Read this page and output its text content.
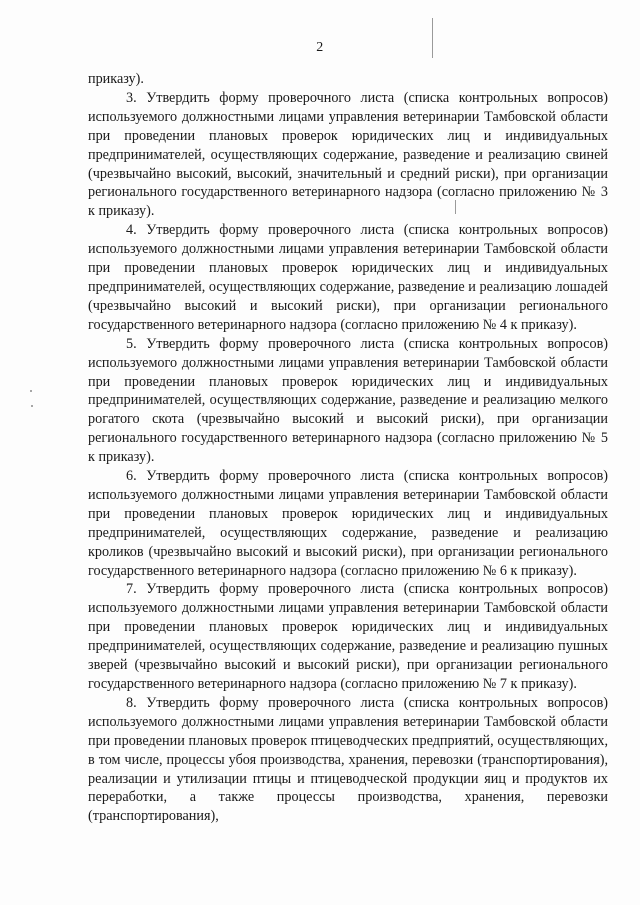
2

приказу).

3. Утвердить форму проверочного листа (списка контрольных вопросов) используемого должностными лицами управления ветеринарии Тамбовской области при проведении плановых проверок юридических лиц и индивидуальных предпринимателей, осуществляющих содержание, разведение и реализацию свиней (чрезвычайно высокий, высокий, значительный и средний риски), при организации регионального государственного ветеринарного надзора (согласно приложению № 3 к приказу).

4. Утвердить форму проверочного листа (списка контрольных вопросов) используемого должностными лицами управления ветеринарии Тамбовской области при проведении плановых проверок юридических лиц и индивидуальных предпринимателей, осуществляющих содержание, разведение и реализацию лошадей (чрезвычайно высокий и высокий риски), при организации регионального государственного ветеринарного надзора (согласно приложению № 4 к приказу).

5. Утвердить форму проверочного листа (списка контрольных вопросов) используемого должностными лицами управления ветеринарии Тамбовской области при проведении плановых проверок юридических лиц и индивидуальных предпринимателей, осуществляющих содержание, разведение и реализацию мелкого рогатого скота (чрезвычайно высокий и высокий риски), при организации регионального государственного ветеринарного надзора (согласно приложению № 5 к приказу).

6. Утвердить форму проверочного листа (списка контрольных вопросов) используемого должностными лицами управления ветеринарии Тамбовской области при проведении плановых проверок юридических лиц и индивидуальных предпринимателей, осуществляющих содержание, разведение и реализацию кроликов (чрезвычайно высокий и высокий риски), при организации регионального государственного ветеринарного надзора (согласно приложению № 6 к приказу).

7. Утвердить форму проверочного листа (списка контрольных вопросов) используемого должностными лицами управления ветеринарии Тамбовской области при проведении плановых проверок юридических лиц и индивидуальных предпринимателей, осуществляющих содержание, разведение и реализацию пушных зверей (чрезвычайно высокий и высокий риски), при организации регионального государственного ветеринарного надзора (согласно приложению № 7 к приказу).

8. Утвердить форму проверочного листа (списка контрольных вопросов) используемого должностными лицами управления ветеринарии Тамбовской области при проведении плановых проверок птицеводческих предприятий, осуществляющих, в том числе, процессы убоя производства, хранения, перевозки (транспортирования), реализации и утилизации птицы и птицеводческой продукции яиц и продуктов их переработки, а также процессы производства, хранения, перевозки (транспортирования),
